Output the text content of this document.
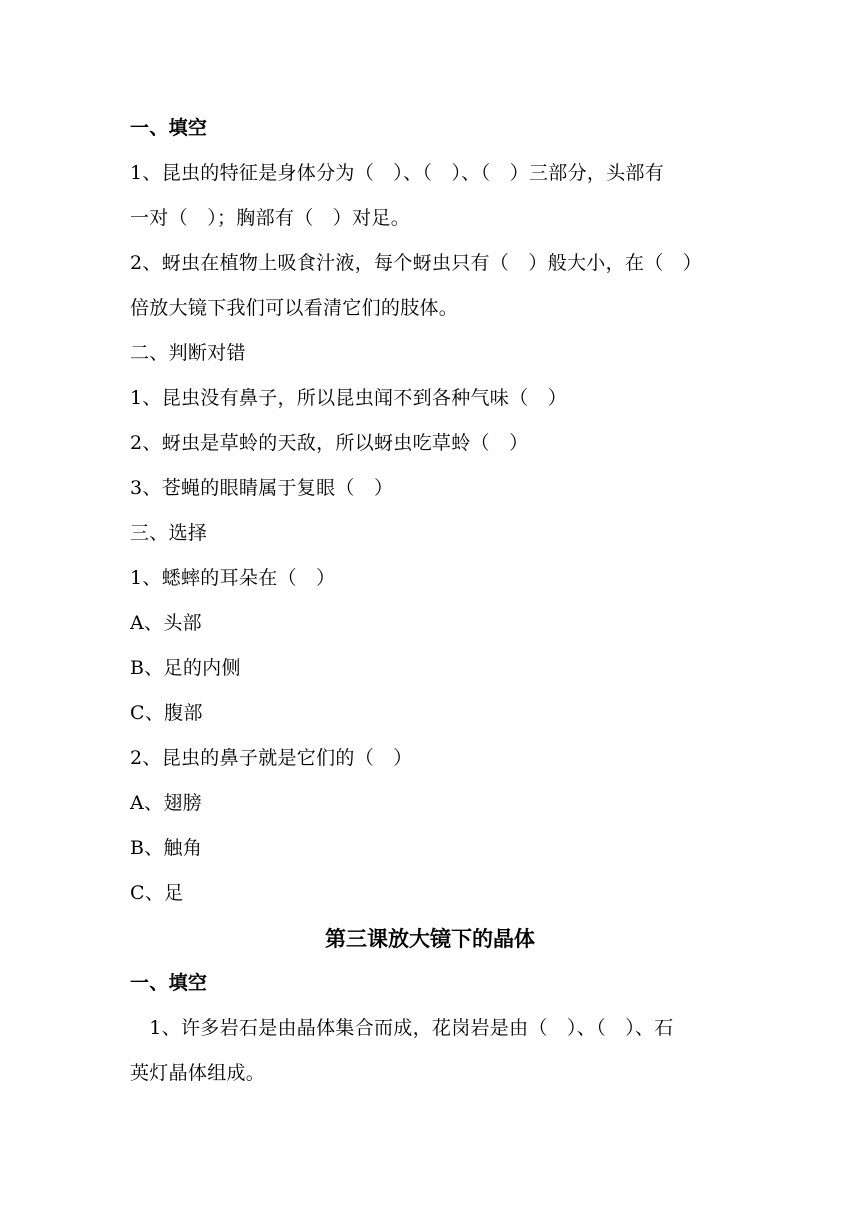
一、填空
1、昆虫的特征是身体分为（　）、（　）、（　）三部分，头部有
一对（　）；胸部有（　）对足。
2、蚜虫在植物上吸食汁液，每个蚜虫只有（　）般大小，在（　）
倍放大镜下我们可以看清它们的肢体。
二、判断对错
1、昆虫没有鼻子，所以昆虫闻不到各种气味（　）
2、蚜虫是草蛉的天敌，所以蚜虫吃草蛉（　）
3、苍蝇的眼睛属于复眼（　）
三、选择
1、蟋蟀的耳朵在（　）
A、头部
B、足的内侧
C、腹部
2、昆虫的鼻子就是它们的（　）
A、翅膀
B、触角
C、足
第三课放大镜下的晶体
一、填空
　1、许多岩石是由晶体集合而成，花岗岩是由（　）、（　）、石
英灯晶体组成。
